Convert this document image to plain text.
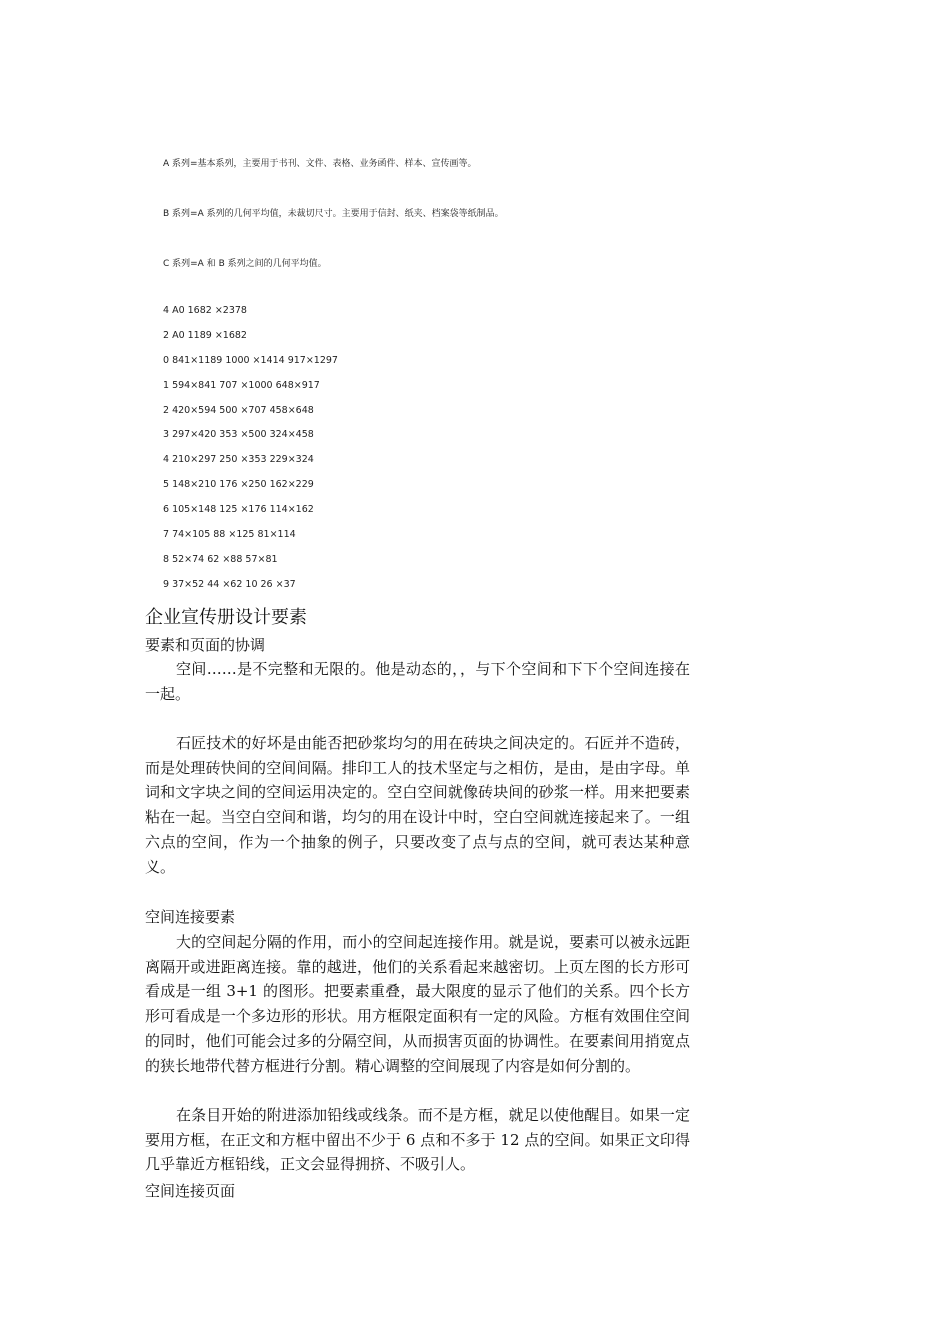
A 系列=基本系列，主要用于书刊、文件、表格、业务函件、样本、宣传画等。
B 系列=A 系列的几何平均值，未裁切尺寸。主要用于信封、纸夹、档案袋等纸制品。
C 系列=A 和 B 系列之间的几何平均值。
4 A0 1682 ×2378
2 A0 1189 ×1682
0 841×1189 1000 ×1414 917×1297
1 594×841 707 ×1000 648×917
2 420×594 500 ×707 458×648
3 297×420 353 ×500 324×458
4 210×297 250 ×353 229×324
5 148×210 176 ×250 162×229
6 105×148 125 ×176 114×162
7 74×105 88 ×125 81×114
8 52×74 62 ×88 57×81
9 37×52 44 ×62 10 26 ×37
企业宣传册设计要素
要素和页面的协调

空间……是不完整和无限的。他是动态的，，与下个空间和下下个空间连接在一起。

石匠技术的好坏是由能否把砂浆均匀的用在砖块之间决定的。石匠并不造砖，而是处理砖快间的空间间隔。排印工人的技术坚定与之相仿，是由，是由字母。单词和文字块之间的空间运用决定的。空白空间就像砖块间的砂浆一样。用来把要素粘在一起。当空白空间和谐，均匀的用在设计中时，空白空间就连接起来了。一组六点的空间，作为一个抽象的例子，只要改变了点与点的空间，就可表达某种意义。

空间连接要素

大的空间起分隔的作用，而小的空间起连接作用。就是说，要素可以被永远距离隔开或进距离连接。靠的越进，他们的关系看起来越密切。上页左图的长方形可看成是一组 3+1 的图形。把要素重叠，最大限度的显示了他们的关系。四个长方形可看成是一个多边形的形状。用方框限定面积有一定的风险。方框有效围住空间的同时，他们可能会过多的分隔空间，从而损害页面的协调性。在要素间用捎宽点的狭长地带代替方框进行分割。精心调整的空间展现了内容是如何分割的。

在条目开始的附进添加铅线或线条。而不是方框，就足以使他醒目。如果一定要用方框，在正文和方框中留出不少于 6 点和不多于 12 点的空间。如果正文印得几乎靠近方框铅线，正文会显得拥挤、不吸引人。

空间连接页面
